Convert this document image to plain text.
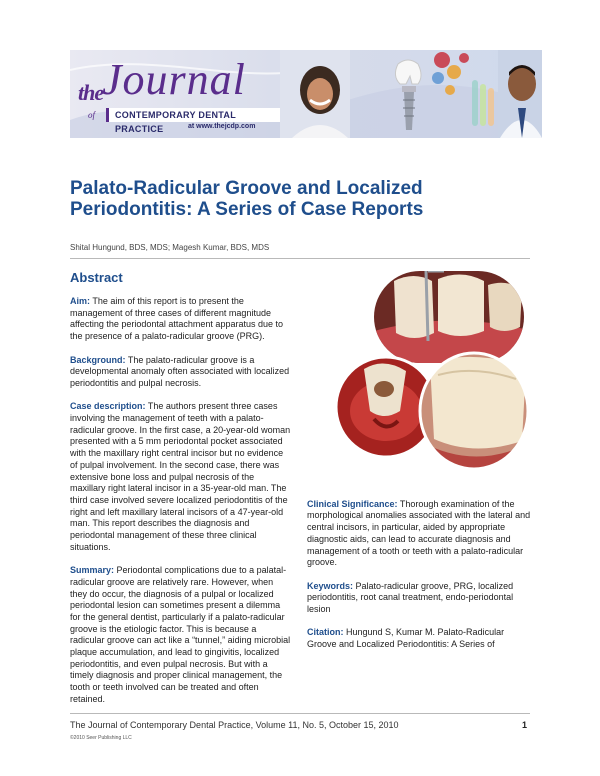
the
Journal
of	CONTEMPORARY DENTAL PRACTICE	at www.thejcdp.com
Palato-Radicular Groove and Localized Periodontitis: A Series of Case Reports
Shital Hungund, BDS, MDS; Magesh Kumar, BDS, MDS
Abstract

Aim: The aim of this report is to present the management of three cases of different magnitude affecting the periodontal attachment apparatus due to the presence of a palato-radicular groove (PRG).

Background: The palato-radicular groove is a developmental anomaly often associated with localized periodontitis and pulpal necrosis.

Case description: The authors present three cases involving the management of teeth with a palato-radicular groove. In the first case, a 20-year-old woman presented with a 5 mm periodontal pocket associated with the maxillary right central incisor but no evidence of pulpal involvement. In the second case, there was extensive bone loss and pulpal necrosis of the maxillary right lateral incisor in a 35-year-old man. The third case involved severe localized periodontitis of the right and left maxillary lateral incisors of a 47-year-old man. This report describes the diagnosis and periodontal management of these three clinical situations.

Summary: Periodontal complications due to a palatal-radicular groove are relatively rare. However, when they do occur, the diagnosis of a pulpal or localized periodontal lesion can sometimes present a dilemma for the general dentist, particularly if a palato-radicular groove is the etiologic factor. This is because a radicular groove can act like a “tunnel,” aiding microbial plaque accumulation, and lead to gingivitis, localized periodontitis, and even pulpal necrosis. But with a timely diagnosis and proper clinical management, the tooth or teeth involved can be treated and often retained.

Clinical Significance: Thorough examination of the morphological anomalies associated with the lateral and central incisors, in particular, aided by appropriate diagnostic aids, can lead to accurate diagnosis and management of a tooth or teeth with a palato-radicular groove.

Keywords: Palato-radicular groove, PRG, localized periodontitis, root canal treatment, endo-periodontal lesion

Citation: Hungund S, Kumar M. Palato-Radicular Groove and Localized Periodontitis: A Series of

The Journal of Contemporary Dental Practice, Volume 11, No. 5, October 15, 2010	1
©2010 Seer Publishing LLC
